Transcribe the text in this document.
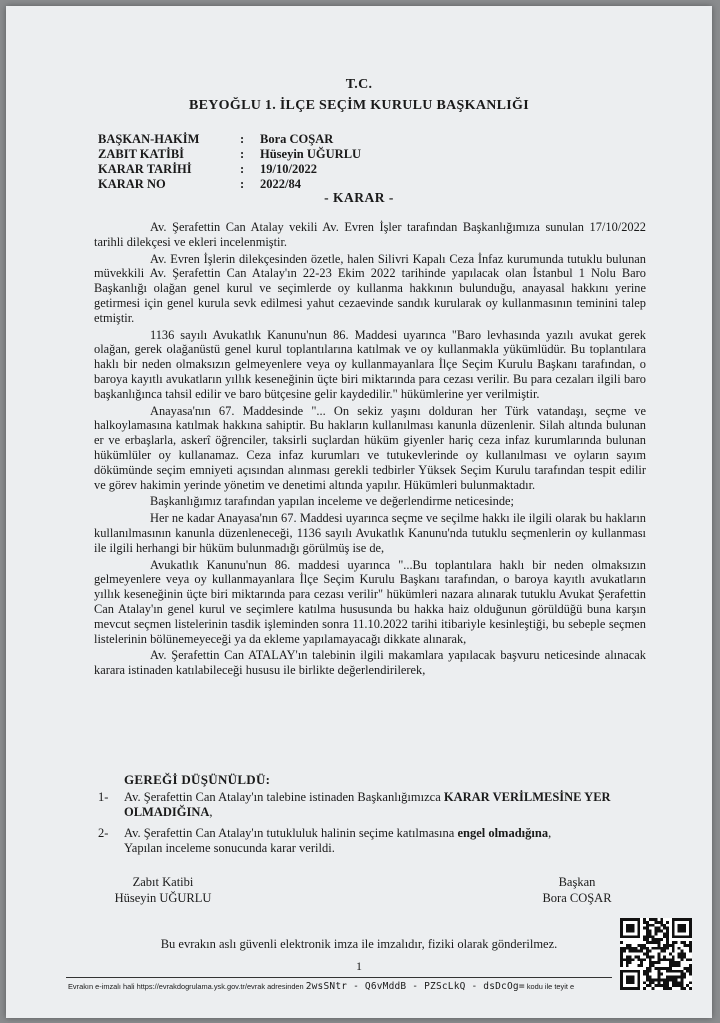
T.C.
BEYOĞLU 1. İLÇE SEÇİM KURULU BAŞKANLIĞI
BAŞKAN-HAKİM	: Bora COŞAR
ZABIT KATİBİ	: Hüseyin UĞURLU
KARAR TARİHİ	: 19/10/2022
KARAR NO	: 2022/84
- KARAR -

Av. Şerafettin Can Atalay vekili Av. Evren İşler tarafından Başkanlığımıza sunulan 17/10/2022 tarihli dilekçesi ve ekleri incelenmiştir.

Av. Evren İşlerin dilekçesinden özetle, halen Silivri Kapalı Ceza İnfaz kurumunda tutuklu bulunan müvekkili Av. Şerafettin Can Atalay'ın 22-23 Ekim 2022 tarihinde yapılacak olan İstanbul 1 Nolu Baro Başkanlığı olağan genel kurul ve seçimlerde oy kullanma hakkının bulunduğu, anayasal hakkını yerine getirmesi için genel kurula sevk edilmesi yahut cezaevinde sandık kurularak oy kullanmasının teminini talep etmiştir.

1136 sayılı Avukatlık Kanunu'nun 86. Maddesi uyarınca "Baro levhasında yazılı avukat gerek olağan, gerek olağanüstü genel kurul toplantılarına katılmak ve oy kullanmakla yükümlüdür. Bu toplantılara haklı bir neden olmaksızın gelmeyenlere veya oy kullanmayanlara İlçe Seçim Kurulu Başkanı tarafından, o baroya kayıtlı avukatların yıllık keseneğinin üçte biri miktarında para cezası verilir. Bu para cezaları ilgili baro başkanlığınca tahsil edilir ve baro bütçesine gelir kaydedilir." hükümlerine yer verilmiştir.

Anayasa'nın 67. Maddesinde "... On sekiz yaşını dolduran her Türk vatandaşı, seçme ve halkoylamasına katılmak hakkına sahiptir. Bu hakların kullanılması kanunla düzenlenir. Silah altında bulunan er ve erbaşlarla, askerî öğrenciler, taksirli suçlardan hüküm giyenler hariç ceza infaz kurumlarında bulunan hükümlüler oy kullanamaz. Ceza infaz kurumları ve tutukevlerinde oy kullanılması ve oyların sayım dökümünde seçim emniyeti açısından alınması gerekli tedbirler Yüksek Seçim Kurulu tarafından tespit edilir ve görev hakimin yerinde yönetim ve denetimi altında yapılır. Hükümleri bulunmaktadır.

Başkanlığımız tarafından yapılan inceleme ve değerlendirme neticesinde;

Her ne kadar Anayasa'nın 67. Maddesi uyarınca seçme ve seçilme hakkı ile ilgili olarak bu hakların kullanılmasının kanunla düzenleneceği, 1136 sayılı Avukatlık Kanunu'nda tutuklu seçmenlerin oy kullanması ile ilgili herhangi bir hüküm bulunmadığı görülmüş ise de,

Avukatlık Kanunu'nun 86. maddesi uyarınca "...Bu toplantılara haklı bir neden olmaksızın gelmeyenlere veya oy kullanmayanlara İlçe Seçim Kurulu Başkanı tarafından, o baroya kayıtlı avukatların yıllık keseneğinin üçte biri miktarında para cezası verilir" hükümleri nazara alınarak tutuklu Avukat Şerafettin Can Atalay'ın genel kurul ve seçimlere katılma hususunda bu hakka haiz olduğunun görüldüğü buna karşın mevcut seçmen listelerinin tasdik işleminden sonra 11.10.2022 tarihi itibariyle kesinleştiği, bu sebeple seçmen listelerinin bölünemeyeceği ya da ekleme yapılamayacağı dikkate alınarak,

Av. Şerafettin Can ATALAY'ın talebinin ilgili makamlara yapılacak başvuru neticesinde alınacak karara istinaden katılabileceği hususu ile birlikte değerlendirilerek,

GEREĞİ DÜŞÜNÜLDÜ:
1- Av. Şerafettin Can Atalay'ın talebine istinaden Başkanlığımızca KARAR VERİLMESİNE YER OLMADIĞINA,
2- Av. Şerafettin Can Atalay'ın tutukluluk halinin seçime katılmasına engel olmadığına,
Yapılan inceleme sonucunda karar verildi.
Zabıt Katibi
Hüseyin UĞURLU
Başkan
Bora COŞAR
Bu evrakın aslı güvenli elektronik imza ile imzalıdır, fiziki olarak gönderilmez.
1
Evrakın e-imzalı hali https://evrakdogrulama.ysk.gov.tr/evrak adresinden 2wsSNtr - Q6vMddB - PZScLkQ - dsDcOg= kodu ile teyit e
